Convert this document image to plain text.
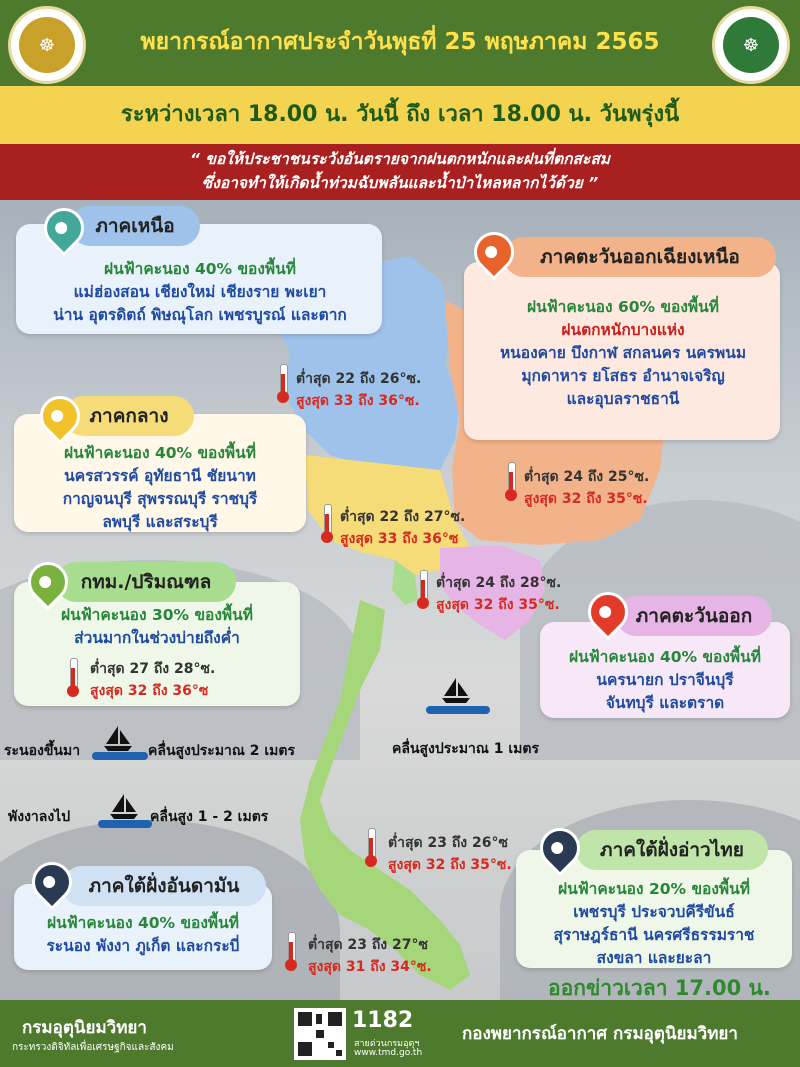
☸	☸
พยากรณ์อากาศประจำวันพุธที่ 25 พฤษภาคม 2565
ระหว่างเวลา 18.00 น. วันนี้ ถึง เวลา 18.00 น. วันพรุ่งนี้
“ ขอให้ประชาชนระวังอันตรายจากฝนตกหนักและฝนที่ตกสะสม
ซึ่งอาจทำให้เกิดน้ำท่วมฉับพลันและน้ำป่าไหลหลากไว้ด้วย ”
ภาคเหนือ
ฝนฟ้าคะนอง 40% ของพื้นที่
แม่ฮ่องสอน เชียงใหม่ เชียงราย พะเยา
น่าน อุตรดิตถ์ พิษณุโลก เพชรบูรณ์ และตาก
ต่ำสุด 22 ถึง 26°ซ.
สูงสุด 33 ถึง 36°ซ.
ภาคตะวันออกเฉียงเหนือ
ฝนฟ้าคะนอง 60% ของพื้นที่
ฝนตกหนักบางแห่ง
หนองคาย บึงกาฬ สกลนคร นครพนม
มุกดาหาร ยโสธร อำนาจเจริญ
และอุบลราชธานี
ต่ำสุด 24 ถึง 25°ซ.
สูงสุด 32 ถึง 35°ซ.
ภาคกลาง
ฝนฟ้าคะนอง 40% ของพื้นที่
นครสวรรค์ อุทัยธานี ชัยนาท
กาญจนบุรี สุพรรณบุรี ราชบุรี
ลพบุรี และสระบุรี	ต่ำสุด 22 ถึง 27°ซ.
สูงสุด 33 ถึง 36°ซ
กทม./ปริมณฑล
ฝนฟ้าคะนอง 30% ของพื้นที่
ส่วนมากในช่วงบ่ายถึงค่ำ
ต่ำสุด 27 ถึง 28°ซ.
สูงสุด 32 ถึง 36°ซ
ต่ำสุด 24 ถึง 28°ซ.
สูงสุด 32 ถึง 35°ซ.	ภาคตะวันออก
ฝนฟ้าคะนอง 40% ของพื้นที่
นครนายก ปราจีนบุรี
จันทบุรี และตราด
ระนองขึ้นมา	คลื่นสูงประมาณ 2 เมตร
พังงาลงไป	คลื่นสูง 1 - 2 เมตร
คลื่นสูงประมาณ 1 เมตร
ภาคใต้ฝั่งอ่าวไทย
ฝนฟ้าคะนอง 20% ของพื้นที่
เพชรบุรี ประจวบคีรีขันธ์
สุราษฎร์ธานี นครศรีธรรมราช
สงขลา และยะลา
ต่ำสุด 23 ถึง 26°ซ
สูงสุด 32 ถึง 35°ซ.
ภาคใต้ฝั่งอันดามัน
ฝนฟ้าคะนอง 40% ของพื้นที่
ระนอง พังงา ภูเก็ต และกระบี่	ต่ำสุด 23 ถึง 27°ซ
สูงสุด 31 ถึง 34°ซ.
ออกข่าวเวลา 17.00 น.
กรมอุตุนิยมวิทยา
กระทรวงดิจิทัลเพื่อเศรษฐกิจและสังคม
1182
สายด่วนกรมอุตุฯ
www.tmd.go.th
กองพยากรณ์อากาศ กรมอุตุนิยมวิทยา
